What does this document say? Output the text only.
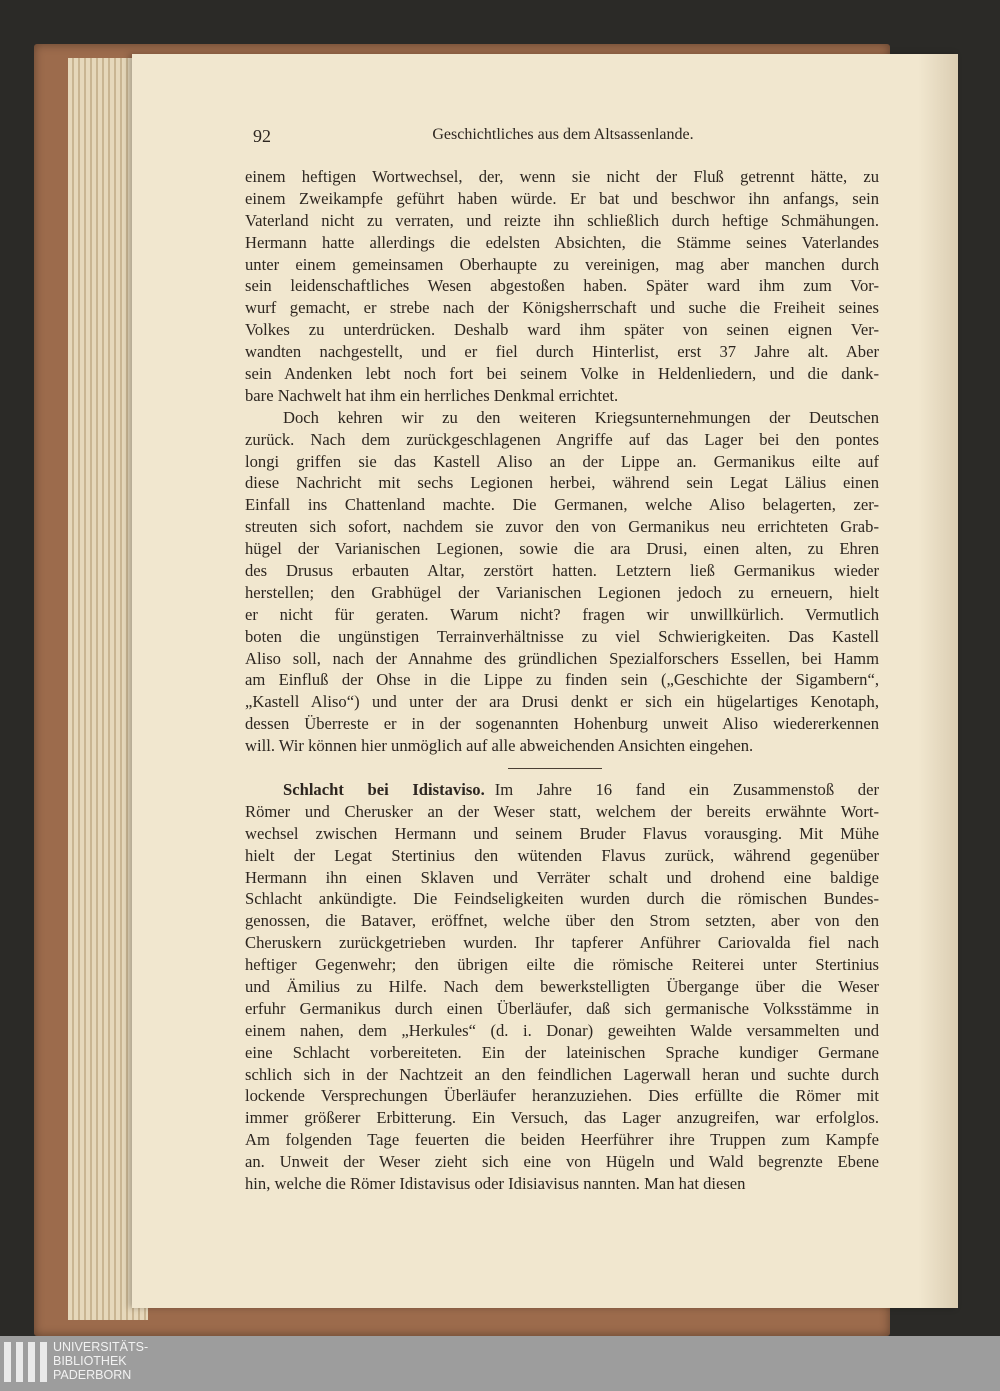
92	Geschichtliches aus dem Altsassenlande.
einem heftigen Wortwechsel, der, wenn sie nicht der Fluß getrennt hätte, zu
einem Zweikampfe geführt haben würde. Er bat und beschwor ihn anfangs, sein
Vaterland nicht zu verraten, und reizte ihn schließlich durch heftige Schmähungen.
Hermann hatte allerdings die edelsten Absichten, die Stämme seines Vaterlandes
unter einem gemeinsamen Oberhaupte zu vereinigen, mag aber manchen durch
sein leidenschaftliches Wesen abgestoßen haben. Später ward ihm zum Vor-
wurf gemacht, er strebe nach der Königsherrschaft und suche die Freiheit seines
Volkes zu unterdrücken. Deshalb ward ihm später von seinen eignen Ver-
wandten nachgestellt, und er fiel durch Hinterlist, erst 37 Jahre alt. Aber
sein Andenken lebt noch fort bei seinem Volke in Heldenliedern, und die dank-
bare Nachwelt hat ihm ein herrliches Denkmal errichtet.
Doch kehren wir zu den weiteren Kriegsunternehmungen der Deutschen
zurück. Nach dem zurückgeschlagenen Angriffe auf das Lager bei den pontes
longi griffen sie das Kastell Aliso an der Lippe an. Germanikus eilte auf
diese Nachricht mit sechs Legionen herbei, während sein Legat Lälius einen
Einfall ins Chattenland machte. Die Germanen, welche Aliso belagerten, zer-
streuten sich sofort, nachdem sie zuvor den von Germanikus neu errichteten Grab-
hügel der Varianischen Legionen, sowie die ara Drusi, einen alten, zu Ehren
des Drusus erbauten Altar, zerstört hatten. Letztern ließ Germanikus wieder
herstellen; den Grabhügel der Varianischen Legionen jedoch zu erneuern, hielt
er nicht für geraten. Warum nicht? fragen wir unwillkürlich. Vermutlich
boten die ungünstigen Terrainverhältnisse zu viel Schwierigkeiten. Das Kastell
Aliso soll, nach der Annahme des gründlichen Spezialforschers Essellen, bei Hamm
am Einfluß der Ohse in die Lippe zu finden sein („Geschichte der Sigambern“,
„Kastell Aliso“) und unter der ara Drusi denkt er sich ein hügelartiges Kenotaph,
dessen Überreste er in der sogenannten Hohenburg unweit Aliso wiedererkennen
will. Wir können hier unmöglich auf alle abweichenden Ansichten eingehen.
Schlacht bei Idistaviso. Im Jahre 16 fand ein Zusammenstoß der
Römer und Cherusker an der Weser statt, welchem der bereits erwähnte Wort-
wechsel zwischen Hermann und seinem Bruder Flavus vorausging. Mit Mühe
hielt der Legat Stertinius den wütenden Flavus zurück, während gegenüber
Hermann ihn einen Sklaven und Verräter schalt und drohend eine baldige
Schlacht ankündigte. Die Feindseligkeiten wurden durch die römischen Bundes-
genossen, die Bataver, eröffnet, welche über den Strom setzten, aber von den
Cheruskern zurückgetrieben wurden. Ihr tapferer Anführer Cariovalda fiel nach
heftiger Gegenwehr; den übrigen eilte die römische Reiterei unter Stertinius
und Ämilius zu Hilfe. Nach dem bewerkstelligten Übergange über die Weser
erfuhr Germanikus durch einen Überläufer, daß sich germanische Volksstämme in
einem nahen, dem „Herkules“ (d. i. Donar) geweihten Walde versammelten und
eine Schlacht vorbereiteten. Ein der lateinischen Sprache kundiger Germane
schlich sich in der Nachtzeit an den feindlichen Lagerwall heran und suchte durch
lockende Versprechungen Überläufer heranzuziehen. Dies erfüllte die Römer mit
immer größerer Erbitterung. Ein Versuch, das Lager anzugreifen, war erfolglos.
Am folgenden Tage feuerten die beiden Heerführer ihre Truppen zum Kampfe
an. Unweit der Weser zieht sich eine von Hügeln und Wald begrenzte Ebene
hin, welche die Römer Idistavisus oder Idisiavisus nannten. Man hat diesen
UNIVERSITÄTS-
BIBLIOTHEK
PADERBORN
